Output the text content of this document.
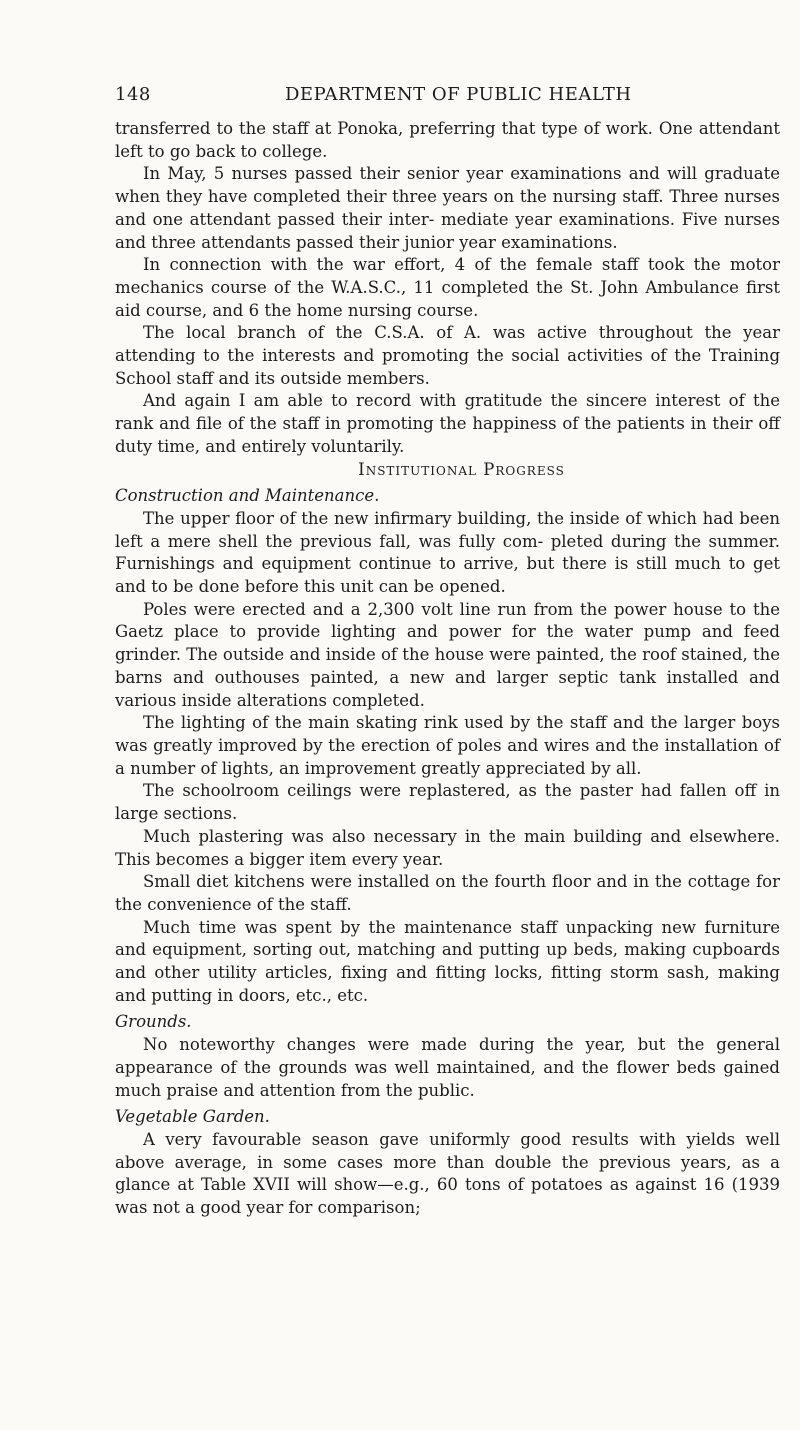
148	DEPARTMENT OF PUBLIC HEALTH

transferred to the staff at Ponoka, preferring that type of work. One attendant left to go back to college.

In May, 5 nurses passed their senior year examinations and will graduate when they have completed their three years on the nursing staff. Three nurses and one attendant passed their inter- mediate year examinations. Five nurses and three attendants passed their junior year examinations.

In connection with the war effort, 4 of the female staff took the motor mechanics course of the W.A.S.C., 11 completed the St. John Ambulance first aid course, and 6 the home nursing course.

The local branch of the C.S.A. of A. was active throughout the year attending to the interests and promoting the social activities of the Training School staff and its outside members.

And again I am able to record with gratitude the sincere interest of the rank and file of the staff in promoting the happiness of the patients in their off duty time, and entirely voluntarily.

Institutional Progress

Construction and Maintenance.

The upper floor of the new infirmary building, the inside of which had been left a mere shell the previous fall, was fully com- pleted during the summer. Furnishings and equipment continue to arrive, but there is still much to get and to be done before this unit can be opened.

Poles were erected and a 2,300 volt line run from the power house to the Gaetz place to provide lighting and power for the water pump and feed grinder. The outside and inside of the house were painted, the roof stained, the barns and outhouses painted, a new and larger septic tank installed and various inside alterations completed.

The lighting of the main skating rink used by the staff and the larger boys was greatly improved by the erection of poles and wires and the installation of a number of lights, an improvement greatly appreciated by all.

The schoolroom ceilings were replastered, as the paster had fallen off in large sections.

Much plastering was also necessary in the main building and elsewhere. This becomes a bigger item every year.

Small diet kitchens were installed on the fourth floor and in the cottage for the convenience of the staff.

Much time was spent by the maintenance staff unpacking new furniture and equipment, sorting out, matching and putting up beds, making cupboards and other utility articles, fixing and fitting locks, fitting storm sash, making and putting in doors, etc., etc.

Grounds.

No noteworthy changes were made during the year, but the general appearance of the grounds was well maintained, and the flower beds gained much praise and attention from the public.

Vegetable Garden.

A very favourable season gave uniformly good results with yields well above average, in some cases more than double the previous years, as a glance at Table XVII will show—e.g., 60 tons of potatoes as against 16 (1939 was not a good year for comparison;
